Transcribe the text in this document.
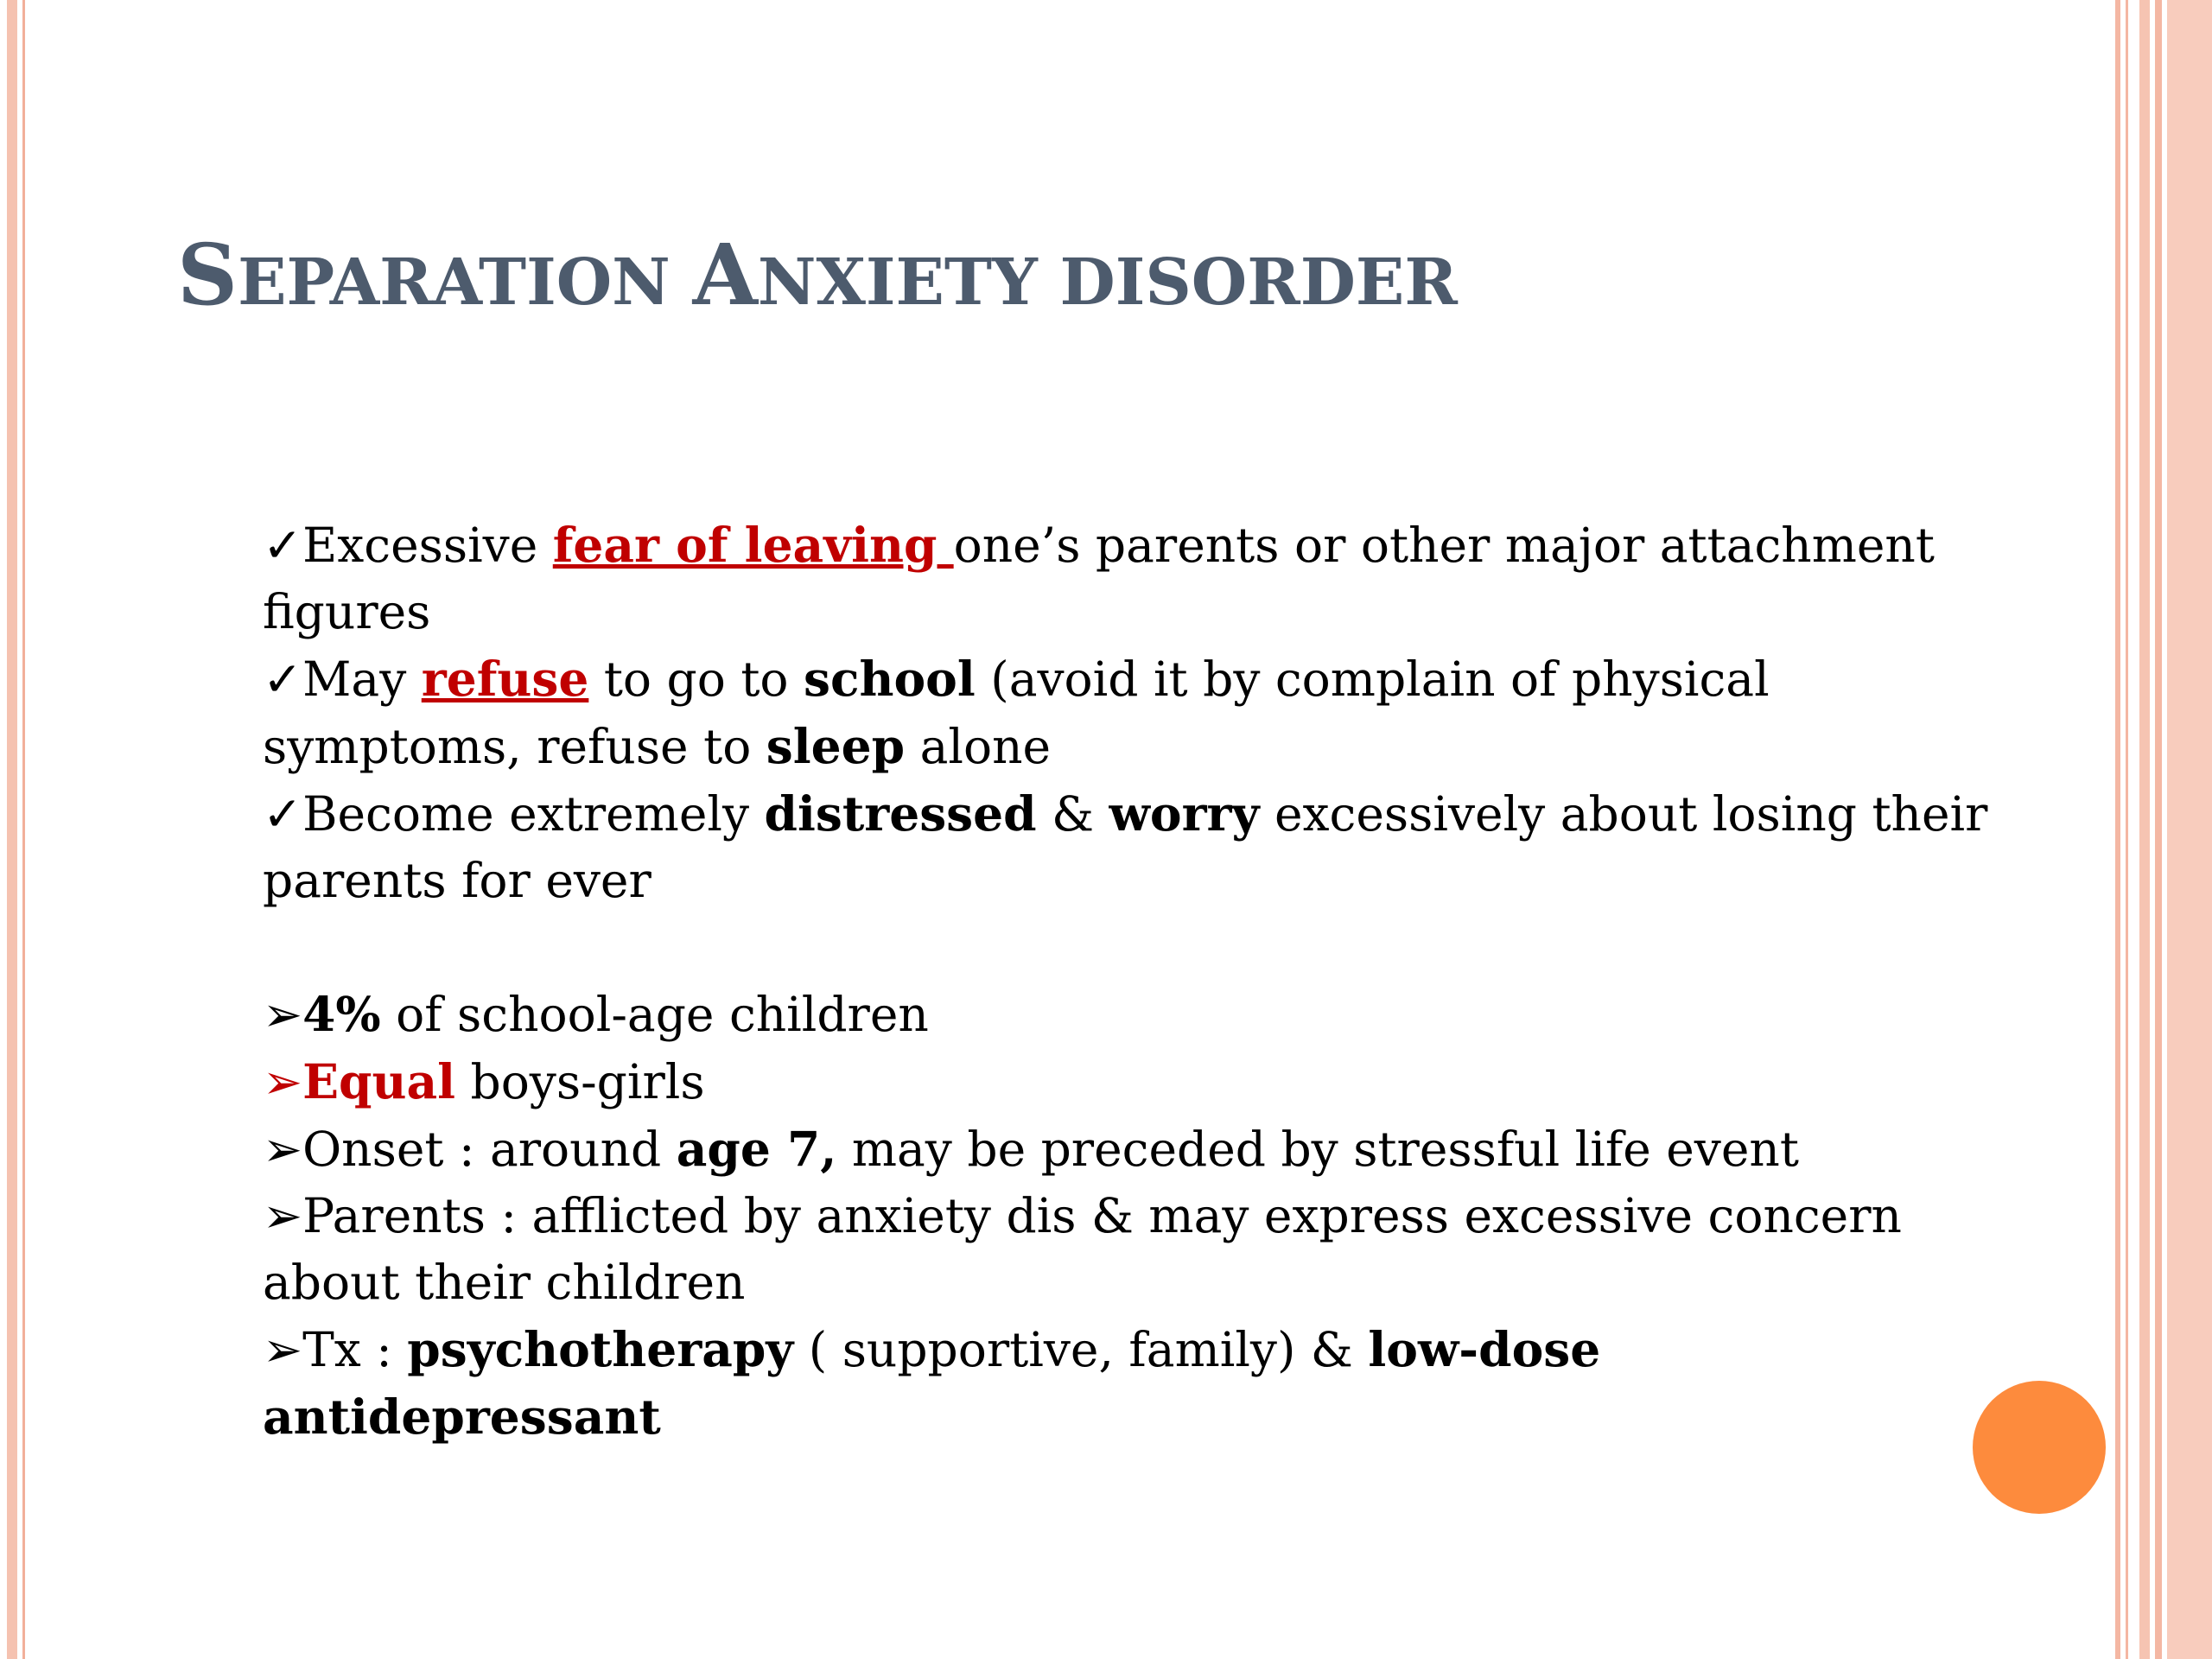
SEPARATION ANXIETY DISORDER

✓Excessive fear of leaving one’s parents or other major attachment figures

✓May refuse to go to school (avoid it by complain of physical symptoms, refuse to sleep alone

✓Become extremely distressed & worry excessively about losing their parents for ever

➢4% of school-age children

➢Equal boys-girls

➢Onset : around age 7, may be preceded by stressful life event

➢Parents : afflicted by anxiety dis & may express excessive concern about their children

➢Tx : psychotherapy ( supportive, family) & low-dose antidepressant
